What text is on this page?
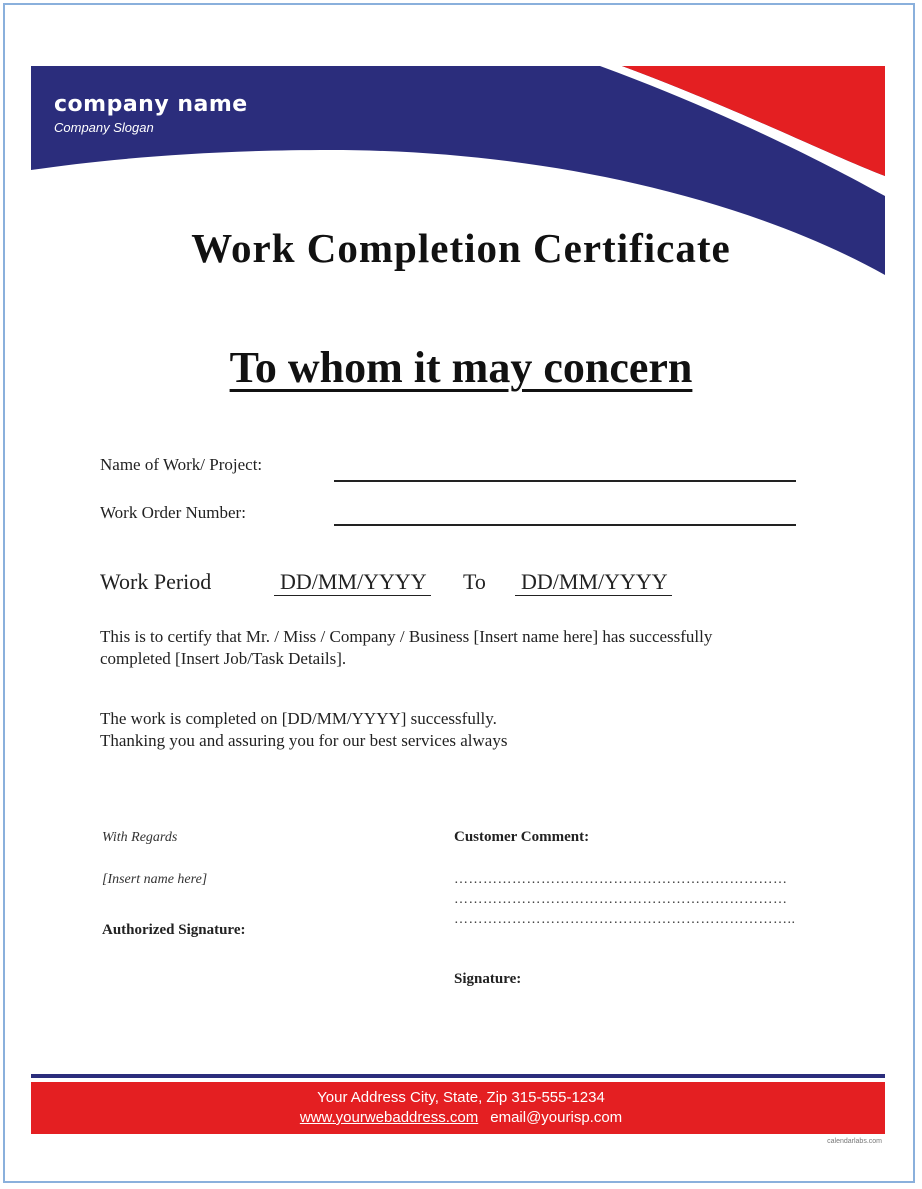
company name
Company Slogan
Work Completion Certificate
To whom it may concern
Name of Work/ Project:
Work Order Number:
Work Period	DD/MM/YYYY To DD/MM/YYYY
This is to certify that Mr. / Miss / Company / Business [Insert name here] has successfully
completed [Insert Job/Task Details].
The work is completed on [DD/MM/YYYY] successfully.
Thanking you and assuring you for our best services always
With Regards
[Insert name here]
Authorized Signature:
Customer Comment:
……………………………………………………………
……………………………………………………………
……………………………………………………………..
Signature:
Your Address City, State, Zip 315-555-1234
www.yourwebaddress.com email@yourisp.com
calendarlabs.com
